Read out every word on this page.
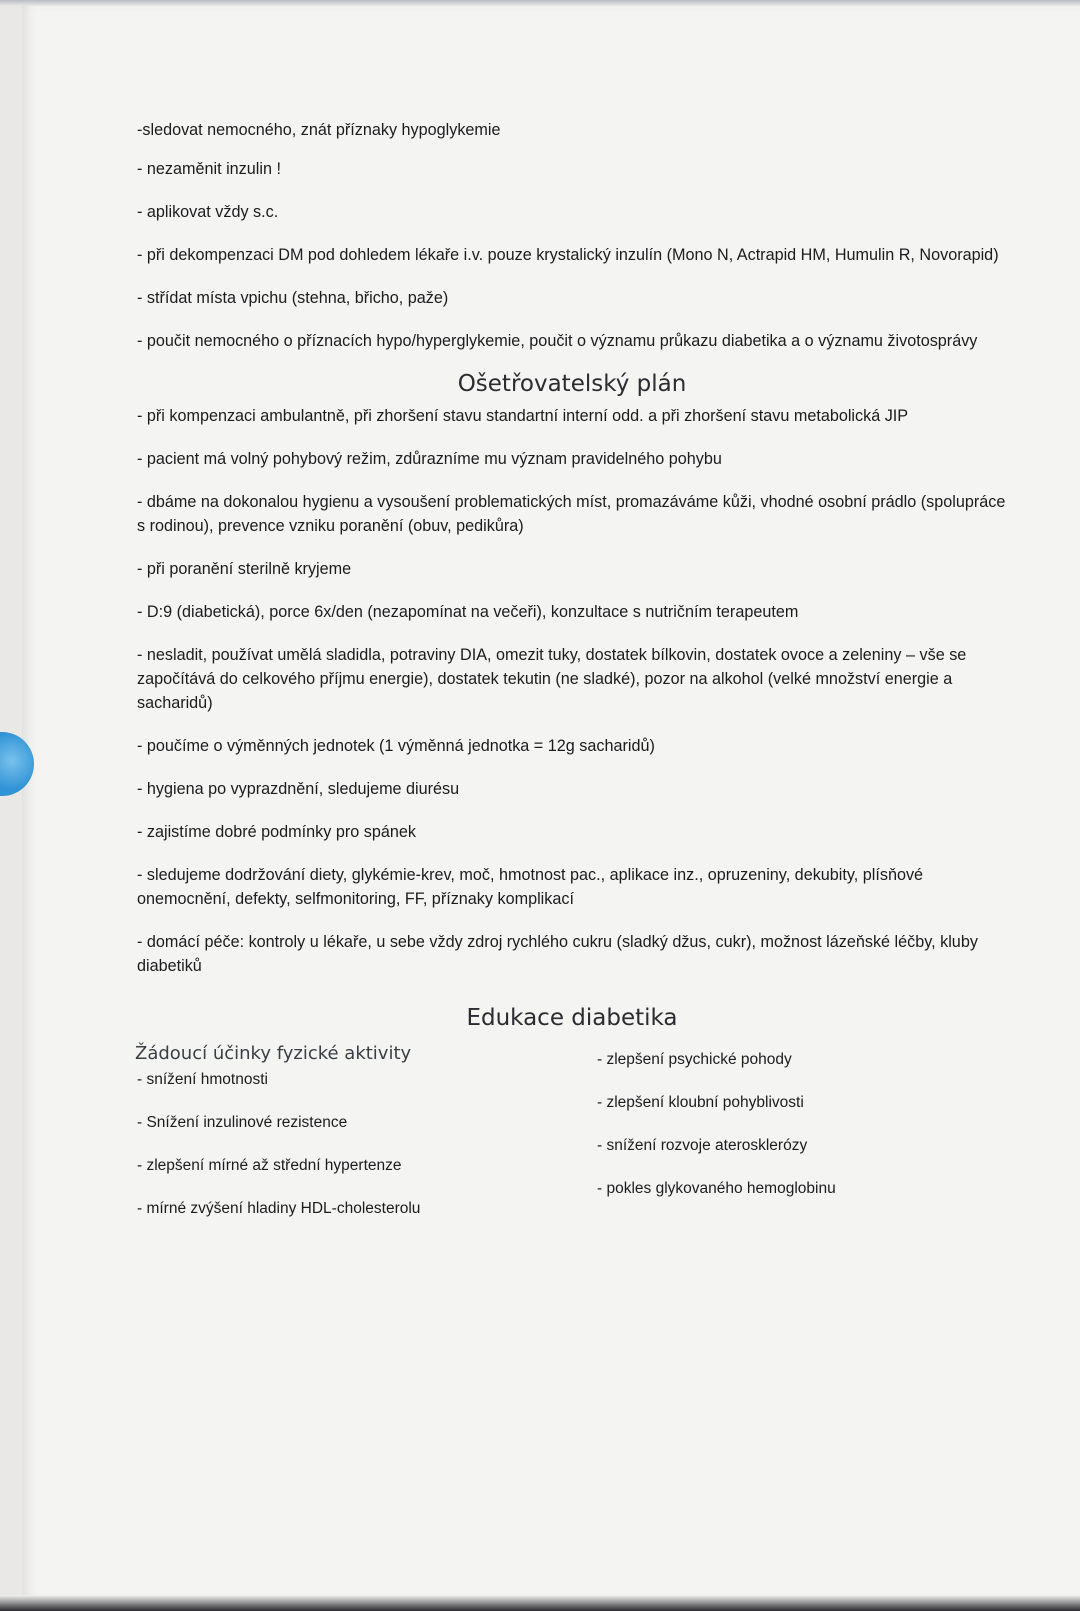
-sledovat nemocného, znát příznaky hypoglykemie

- nezaměnit inzulin !

- aplikovat vždy s.c.

- při dekompenzaci DM pod dohledem lékaře i.v. pouze krystalický inzulín (Mono N, Actrapid HM, Humulin R, Novorapid)

- střídat místa vpichu (stehna, břicho, paže)

- poučit nemocného o příznacích hypo/hyperglykemie, poučit o významu průkazu diabetika a o významu životosprávy

Ošetřovatelský plán

- při kompenzaci ambulantně, při zhoršení stavu standartní interní odd. a při zhoršení stavu metabolická JIP

- pacient má volný pohybový režim, zdůrazníme mu význam pravidelného pohybu

- dbáme na dokonalou hygienu a vysoušení problematických míst, promazáváme kůži, vhodné osobní prádlo (spolupráce s rodinou), prevence vzniku poranění (obuv, pedikůra)

- při poranění sterilně kryjeme

- D:9 (diabetická), porce 6x/den (nezapomínat na večeři), konzultace s nutričním terapeutem

- nesladit, používat umělá sladidla, potraviny DIA, omezit tuky, dostatek bílkovin, dostatek ovoce a zeleniny – vše se započítává do celkového příjmu energie), dostatek tekutin (ne sladké), pozor na alkohol (velké množství energie a sacharidů)

- poučíme o výměnných jednotek (1 výměnná jednotka = 12g sacharidů)

- hygiena po vyprazdnění, sledujeme diurésu

- zajistíme dobré podmínky pro spánek

- sledujeme dodržování diety, glykémie-krev, moč, hmotnost pac., aplikace inz., opruzeniny, dekubity, plísňové onemocnění, defekty, selfmonitoring, FF, příznaky komplikací

- domácí péče: kontroly u lékaře, u sebe vždy zdroj rychlého cukru (sladký džus, cukr), možnost lázeňské léčby, kluby diabetiků

Edukace diabetika
Žádoucí účinky fyzické aktivity
- snížení hmotnosti
- Snížení inzulinové rezistence
- zlepšení mírné až střední hypertenze
- mírné zvýšení hladiny HDL-cholesterolu
- zlepšení psychické pohody
- zlepšení kloubní pohyblivosti
- snížení rozvoje aterosklerózy
- pokles glykovaného hemoglobinu
